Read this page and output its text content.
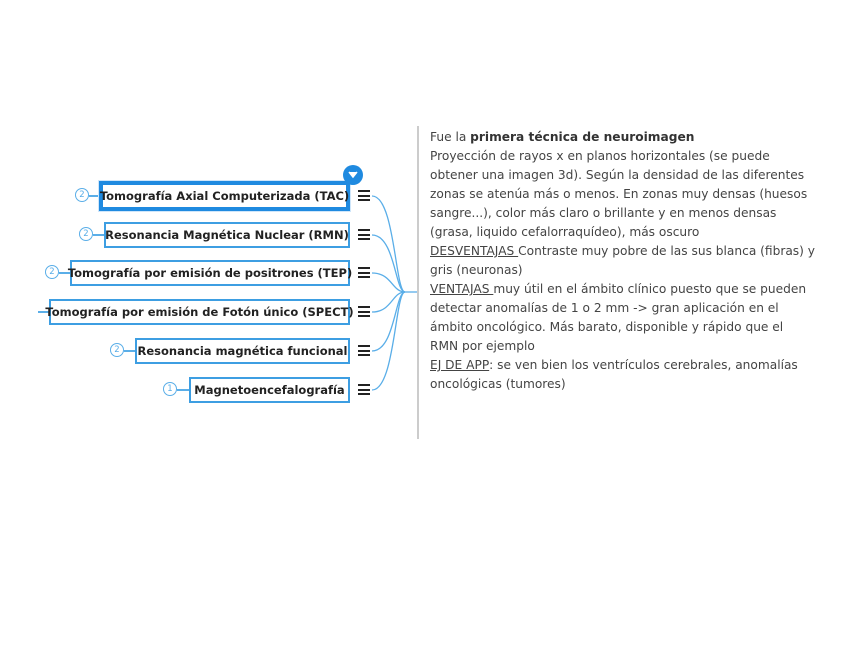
2	Tomografía Axial Computerizada (TAC)
2	Resonancia Magnética Nuclear (RMN)
2	Tomografía por emisión de positrones (TEP)
Tomografía por emisión de Fotón único (SPECT)
2	Resonancia magnética funcional
1	Magnetoencefalografía

Fue la primera técnica de neuroimagen

Proyección de rayos x en planos horizontales (se puede obtener una imagen 3d). Según la densidad de las diferentes zonas se atenúa más o menos. En zonas muy densas (huesos sangre...), color más claro o brillante y en menos densas (grasa, liquido cefalorraquídeo), más oscuro

DESVENTAJAS Contraste muy pobre de las sus blanca (fibras) y gris (neuronas)

VENTAJAS muy útil en el ámbito clínico puesto que se pueden detectar anomalías de 1 o 2 mm -> gran aplicación en el ámbito oncológico. Más barato, disponible y rápido que el RMN por ejemplo

EJ DE APP: se ven bien los ventrículos cerebrales, anomalías oncológicas (tumores)
